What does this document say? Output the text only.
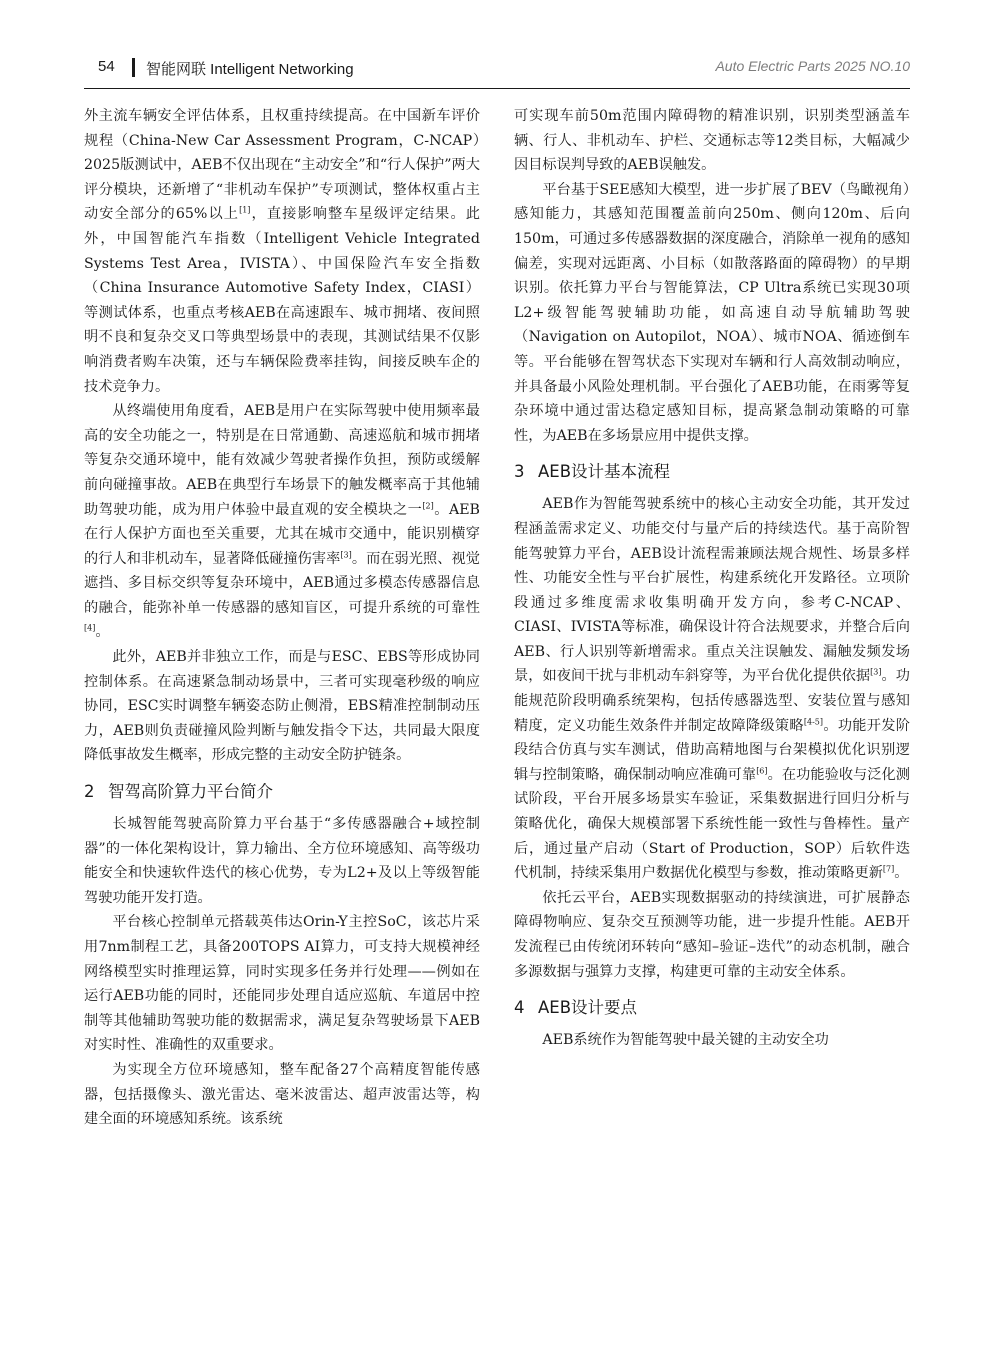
54 智能网联 Intelligent Networking	Auto Electric Parts 2025 NO.10

外主流车辆安全评估体系，且权重持续提高。在中国新车评价规程（China-New Car Assessment Program，C-NCAP）2025版测试中，AEB不仅出现在“主动安全”和“行人保护”两大评分模块，还新增了“非机动车保护”专项测试，整体权重占主动安全部分的65%以上[1]，直接影响整车星级评定结果。此外，中国智能汽车指数（Intelligent Vehicle Integrated Systems Test Area，IVISTA）、中国保险汽车安全指数（China Insurance Automotive Safety Index，CIASI）等测试体系，也重点考核AEB在高速跟车、城市拥堵、夜间照明不良和复杂交叉口等典型场景中的表现，其测试结果不仅影响消费者购车决策，还与车辆保险费率挂钩，间接反映车企的技术竞争力。

从终端使用角度看，AEB是用户在实际驾驶中使用频率最高的安全功能之一，特别是在日常通勤、高速巡航和城市拥堵等复杂交通环境中，能有效减少驾驶者操作负担，预防或缓解前向碰撞事故。AEB在典型行车场景下的触发概率高于其他辅助驾驶功能，成为用户体验中最直观的安全模块之一[2]。AEB在行人保护方面也至关重要，尤其在城市交通中，能识别横穿的行人和非机动车，显著降低碰撞伤害率[3]。而在弱光照、视觉遮挡、多目标交织等复杂环境中，AEB通过多模态传感器信息的融合，能弥补单一传感器的感知盲区，可提升系统的可靠性[4]。

此外，AEB并非独立工作，而是与ESC、EBS等形成协同控制体系。在高速紧急制动场景中，三者可实现毫秒级的响应协同，ESC实时调整车辆姿态防止侧滑，EBS精准控制制动压力，AEB则负责碰撞风险判断与触发指令下达，共同最大限度降低事故发生概率，形成完整的主动安全防护链条。

2 智驾高阶算力平台简介

长城智能驾驶高阶算力平台基于“多传感器融合+域控制器”的一体化架构设计，算力输出、全方位环境感知、高等级功能安全和快速软件迭代的核心优势，专为L2+及以上等级智能驾驶功能开发打造。

平台核心控制单元搭载英伟达Orin-Y主控SoC，该芯片采用7nm制程工艺，具备200TOPS AI算力，可支持大规模神经网络模型实时推理运算，同时实现多任务并行处理——例如在运行AEB功能的同时，还能同步处理自适应巡航、车道居中控制等其他辅助驾驶功能的数据需求，满足复杂驾驶场景下AEB对实时性、准确性的双重要求。

为实现全方位环境感知，整车配备27个高精度智能传感器，包括摄像头、激光雷达、毫米波雷达、超声波雷达等，构建全面的环境感知系统。该系统

可实现车前50m范围内障碍物的精准识别，识别类型涵盖车辆、行人、非机动车、护栏、交通标志等12类目标，大幅减少因目标误判导致的AEB误触发。

平台基于SEE感知大模型，进一步扩展了BEV（鸟瞰视角）感知能力，其感知范围覆盖前向250m、侧向120m、后向150m，可通过多传感器数据的深度融合，消除单一视角的感知偏差，实现对远距离、小目标（如散落路面的障碍物）的早期识别。依托算力平台与智能算法，CP Ultra系统已实现30项L2+级智能驾驶辅助功能，如高速自动导航辅助驾驶（Navigation on Autopilot，NOA）、城市NOA、循迹倒车等。平台能够在智驾状态下实现对车辆和行人高效制动响应，并具备最小风险处理机制。平台强化了AEB功能，在雨雾等复杂环境中通过雷达稳定感知目标，提高紧急制动策略的可靠性，为AEB在多场景应用中提供支撑。

3 AEB设计基本流程

AEB作为智能驾驶系统中的核心主动安全功能，其开发过程涵盖需求定义、功能交付与量产后的持续迭代。基于高阶智能驾驶算力平台，AEB设计流程需兼顾法规合规性、场景多样性、功能安全性与平台扩展性，构建系统化开发路径。立项阶段通过多维度需求收集明确开发方向，参考C-NCAP、CIASI、IVISTA等标准，确保设计符合法规要求，并整合后向AEB、行人识别等新增需求。重点关注误触发、漏触发频发场景，如夜间干扰与非机动车斜穿等，为平台优化提供依据[3]。功能规范阶段明确系统架构，包括传感器选型、安装位置与感知精度，定义功能生效条件并制定故障降级策略[4-5]。功能开发阶段结合仿真与实车测试，借助高精地图与台架模拟优化识别逻辑与控制策略，确保制动响应准确可靠[6]。在功能验收与泛化测试阶段，平台开展多场景实车验证，采集数据进行回归分析与策略优化，确保大规模部署下系统性能一致性与鲁棒性。量产后，通过量产启动（Start of Production，SOP）后软件迭代机制，持续采集用户数据优化模型与参数，推动策略更新[7]。

依托云平台，AEB实现数据驱动的持续演进，可扩展静态障碍物响应、复杂交互预测等功能，进一步提升性能。AEB开发流程已由传统闭环转向“感知–验证–迭代”的动态机制，融合多源数据与强算力支撑，构建更可靠的主动安全体系。

4 AEB设计要点

AEB系统作为智能驾驶中最关键的主动安全功
